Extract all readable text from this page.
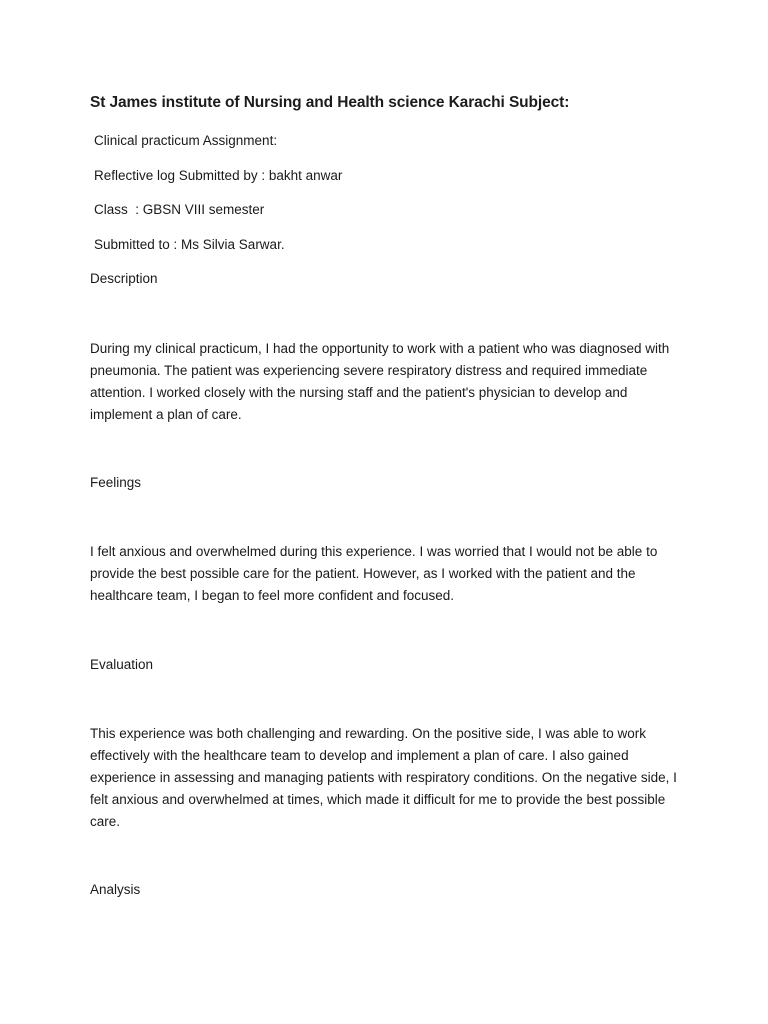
St James institute of Nursing and Health science Karachi Subject:
Clinical practicum Assignment:
Reflective log Submitted by : bakht anwar
Class  : GBSN VIII semester
Submitted to : Ms Silvia Sarwar.
Description
During my clinical practicum, I had the opportunity to work with a patient who was diagnosed with pneumonia. The patient was experiencing severe respiratory distress and required immediate attention. I worked closely with the nursing staff and the patient's physician to develop and implement a plan of care.
Feelings
I felt anxious and overwhelmed during this experience. I was worried that I would not be able to provide the best possible care for the patient. However, as I worked with the patient and the healthcare team, I began to feel more confident and focused.
Evaluation
This experience was both challenging and rewarding. On the positive side, I was able to work effectively with the healthcare team to develop and implement a plan of care. I also gained experience in assessing and managing patients with respiratory conditions. On the negative side, I felt anxious and overwhelmed at times, which made it difficult for me to provide the best possible care.
Analysis
